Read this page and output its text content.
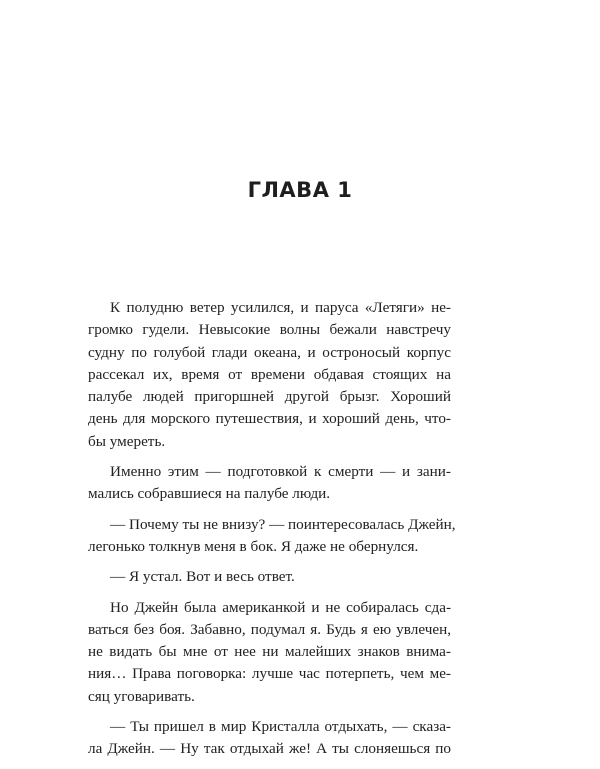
ГЛАВА 1
К полудню ветер усилился, и паруса «Летяги» не-
громко гудели. Невысокие волны бежали навстречу
судну по голубой глади океана, и остроносый корпус
рассекал их, время от времени обдавая стоящих на
палубе людей пригоршней другой брызг. Хороший
день для морского путешествия, и хороший день, что-
бы умереть.
Именно этим — подготовкой к смерти — и зани-
мались собравшиеся на палубе люди.
— Почему ты не внизу? — поинтересовалась Джейн,
легонько толкнув меня в бок. Я даже не обернулся.
— Я устал. Вот и весь ответ.
Но Джейн была американкой и не собиралась сда-
ваться без боя. Забавно, подумал я. Будь я ею увлечен,
не видать бы мне от нее ни малейших знаков внима-
ния… Права поговорка: лучше час потерпеть, чем ме-
сяц уговаривать.
— Ты пришел в мир Кристалла отдыхать, — сказа-
ла Джейн. — Ну так отдыхай же! А ты слоняешься по
